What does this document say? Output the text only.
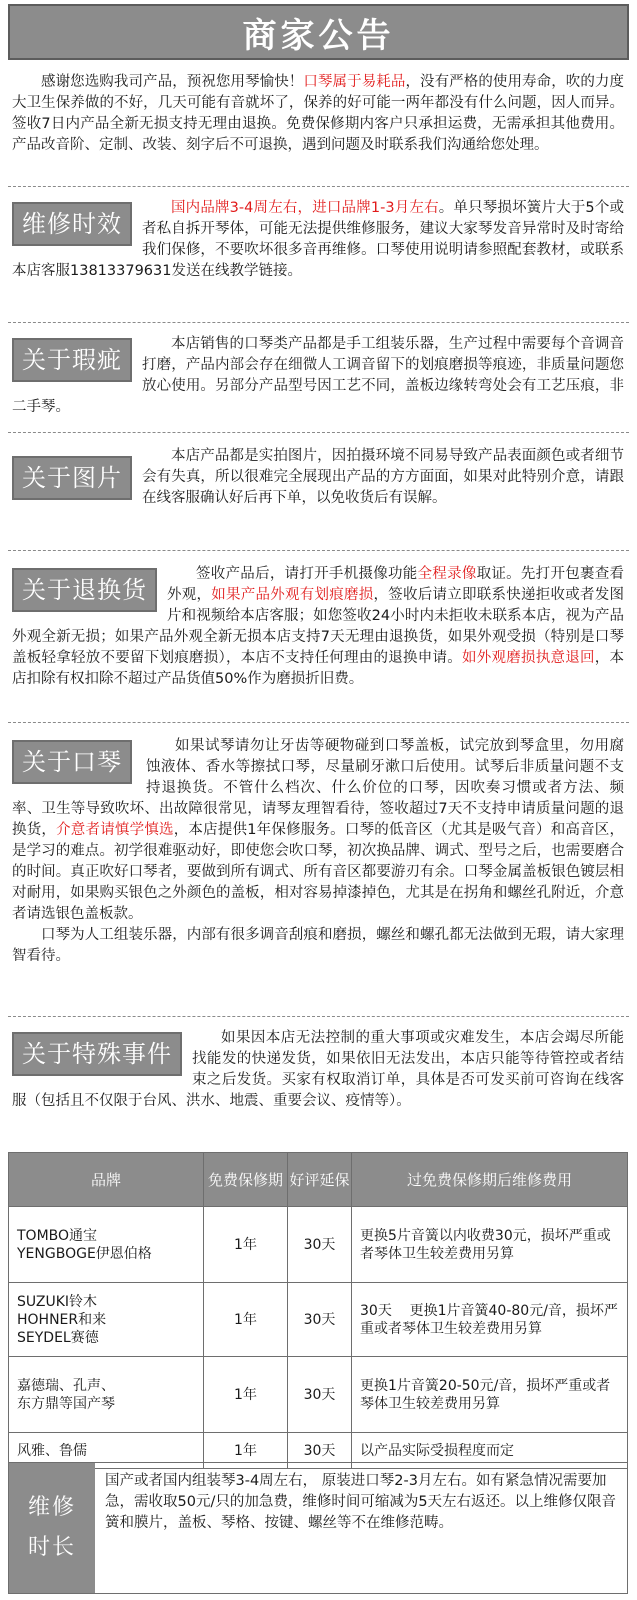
商家公告

感谢您选购我司产品，预祝您用琴愉快！口琴属于易耗品，没有严格的使用寿命，吹的力度大卫生保养做的不好，几天可能有音就坏了，保养的好可能一两年都没有什么问题，因人而异。签收7日内产品全新无损支持无理由退换。免费保修期内客户只承担运费，无需承担其他费用。产品改音阶、定制、改装、刻字后不可退换，遇到问题及时联系我们沟通给您处理。

维修时效

国内品牌3-4周左右，进口品牌1-3月左右。单只琴损坏簧片大于5个或者私自拆开琴体，可能无法提供维修服务，建议大家琴发音异常时及时寄给我们保修，不要吹坏很多音再维修。口琴使用说明请参照配套教材，或联系本店客服13813379631发送在线教学链接。

关于瑕疵

本店销售的口琴类产品都是手工组装乐器，生产过程中需要每个音调音打磨，产品内部会存在细微人工调音留下的划痕磨损等痕迹，非质量问题您放心使用。另部分产品型号因工艺不同，盖板边缘转弯处会有工艺压痕，非二手琴。

关于图片

本店产品都是实拍图片，因拍摄环境不同易导致产品表面颜色或者细节会有失真，所以很难完全展现出产品的方方面面，如果对此特别介意，请跟在线客服确认好后再下单，以免收货后有误解。

关于退换货

签收产品后，请打开手机摄像功能全程录像取证。先打开包裹查看外观，如果产品外观有划痕磨损，签收后请立即联系快递拒收或者发图片和视频给本店客服；如您签收24小时内未拒收未联系本店，视为产品外观全新无损；如果产品外观全新无损本店支持7天无理由退换货，如果外观受损（特别是口琴盖板轻拿轻放不要留下划痕磨损），本店不支持任何理由的退换申请。如外观磨损执意退回，本店扣除有权扣除不超过产品货值50%作为磨损折旧费。

关于口琴

如果试琴请勿让牙齿等硬物碰到口琴盖板，试完放到琴盒里，勿用腐蚀液体、香水等擦拭口琴，尽量刷牙漱口后使用。试琴后非质量问题不支持退换货。不管什么档次、什么价位的口琴，因吹奏习惯或者方法、频率、卫生等导致吹坏、出故障很常见，请琴友理智看待，签收超过7天不支持申请质量问题的退换货，介意者请慎学慎选，本店提供1年保修服务。口琴的低音区（尤其是吸气音）和高音区，是学习的难点。初学很难驱动好，即使您会吹口琴，初次换品牌、调式、型号之后，也需要磨合的时间。真正吹好口琴者，要做到所有调式、所有音区都要游刃有余。口琴金属盖板银色镀层相对耐用，如果购买银色之外颜色的盖板，相对容易掉漆掉色，尤其是在拐角和螺丝孔附近，介意者请选银色盖板款。

口琴为人工组装乐器，内部有很多调音刮痕和磨损，螺丝和螺孔都无法做到无瑕，请大家理智看待。

关于特殊事件

如果因本店无法控制的重大事项或灾难发生，本店会竭尽所能找能发的快递发货，如果依旧无法发出，本店只能等待管控或者结束之后发货。买家有权取消订单，具体是否可发买前可咨询在线客服（包括且不仅限于台风、洪水、地震、重要会议、疫情等）。

品牌	免费保修期	好评延保	过免费保修期后维修费用
TOMBO通宝
YENGBOGE伊恩伯格	1年	30天	更换5片音簧以内收费30元，损坏严重或者琴体卫生较差费用另算
SUZUKI铃木
HOHNER和来
SEYDEL赛德	1年	30天	30天    更换1片音簧40-80元/音，损坏严重或者琴体卫生较差费用另算
嘉德瑞、孔声、
东方鼎等国产琴	1年	30天	更换1片音簧20-50元/音，损坏严重或者琴体卫生较差费用另算
风雅、鲁儒	1年	30天	以产品实际受损程度而定
维修
时长
国产或者国内组装琴3-4周左右， 原装进口琴2-3月左右。如有紧急情况需要加急，需收取50元/只的加急费，维修时间可缩减为5天左右返还。以上维修仅限音簧和膜片，盖板、琴格、按键、螺丝等不在维修范畴。
